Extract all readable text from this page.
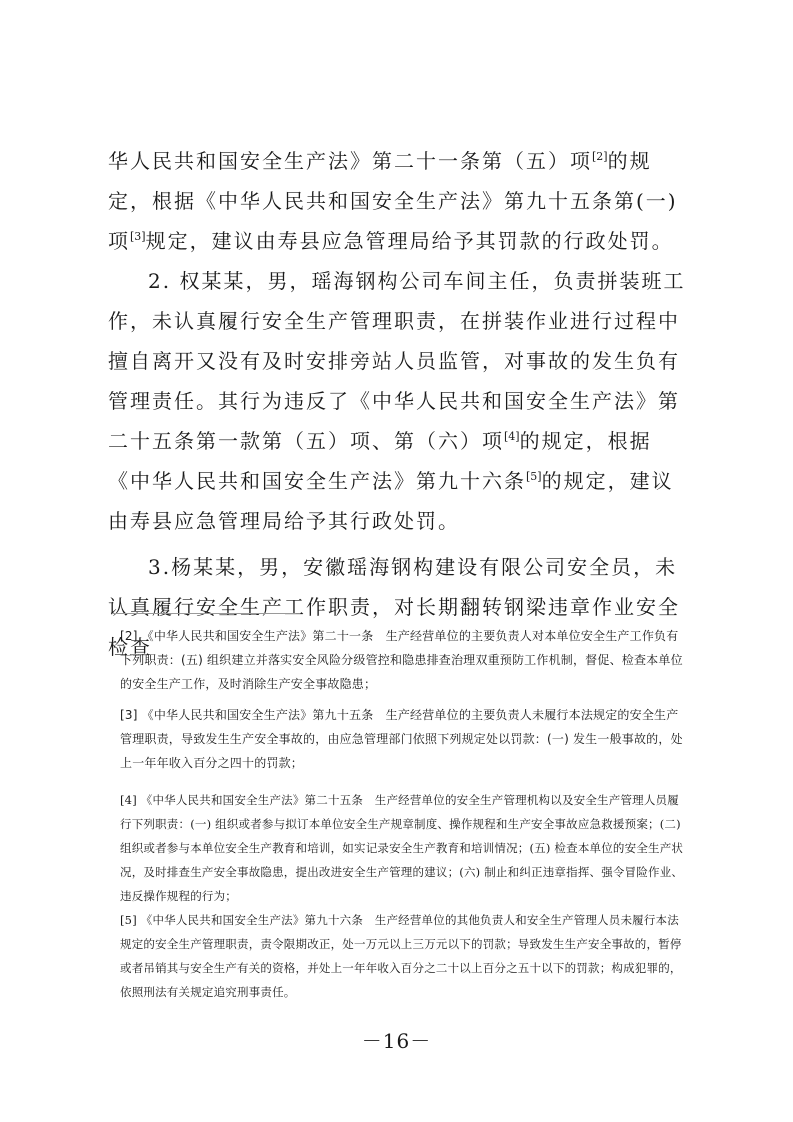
华人民共和国安全生产法》第二十一条第（五）项[2]的规定，根据《中华人民共和国安全生产法》第九十五条第(一)项[3]规定，建议由寿县应急管理局给予其罚款的行政处罚。

2. 权某某，男，瑶海钢构公司车间主任，负责拼装班工作，未认真履行安全生产管理职责，在拼装作业进行过程中擅自离开又没有及时安排旁站人员监管，对事故的发生负有管理责任。其行为违反了《中华人民共和国安全生产法》第二十五条第一款第（五）项、第（六）项[4]的规定，根据《中华人民共和国安全生产法》第九十六条[5]的规定，建议由寿县应急管理局给予其行政处罚。

3.杨某某，男，安徽瑶海钢构建设有限公司安全员，未认真履行安全生产工作职责，对长期翻转钢梁违章作业安全检查

[2] 《中华人民共和国安全生产法》第二十一条　生产经营单位的主要负责人对本单位安全生产工作负有下列职责：(五) 组织建立并落实安全风险分级管控和隐患排查治理双重预防工作机制，督促、检查本单位的安全生产工作，及时消除生产安全事故隐患；

[3] 《中华人民共和国安全生产法》第九十五条　生产经营单位的主要负责人未履行本法规定的安全生产管理职责，导致发生生产安全事故的，由应急管理部门依照下列规定处以罚款：(一) 发生一般事故的，处上一年年收入百分之四十的罚款；

[4] 《中华人民共和国安全生产法》第二十五条　生产经营单位的安全生产管理机构以及安全生产管理人员履行下列职责：(一) 组织或者参与拟订本单位安全生产规章制度、操作规程和生产安全事故应急救援预案；(二) 组织或者参与本单位安全生产教育和培训，如实记录安全生产教育和培训情况；(五) 检查本单位的安全生产状况，及时排查生产安全事故隐患，提出改进安全生产管理的建议；(六) 制止和纠正违章指挥、强令冒险作业、违反操作规程的行为；

[5] 《中华人民共和国安全生产法》第九十六条　生产经营单位的其他负责人和安全生产管理人员未履行本法规定的安全生产管理职责，责令限期改正，处一万元以上三万元以下的罚款；导致发生生产安全事故的，暂停或者吊销其与安全生产有关的资格，并处上一年年收入百分之二十以上百分之五十以下的罚款；构成犯罪的，依照刑法有关规定追究刑事责任。

－16－
